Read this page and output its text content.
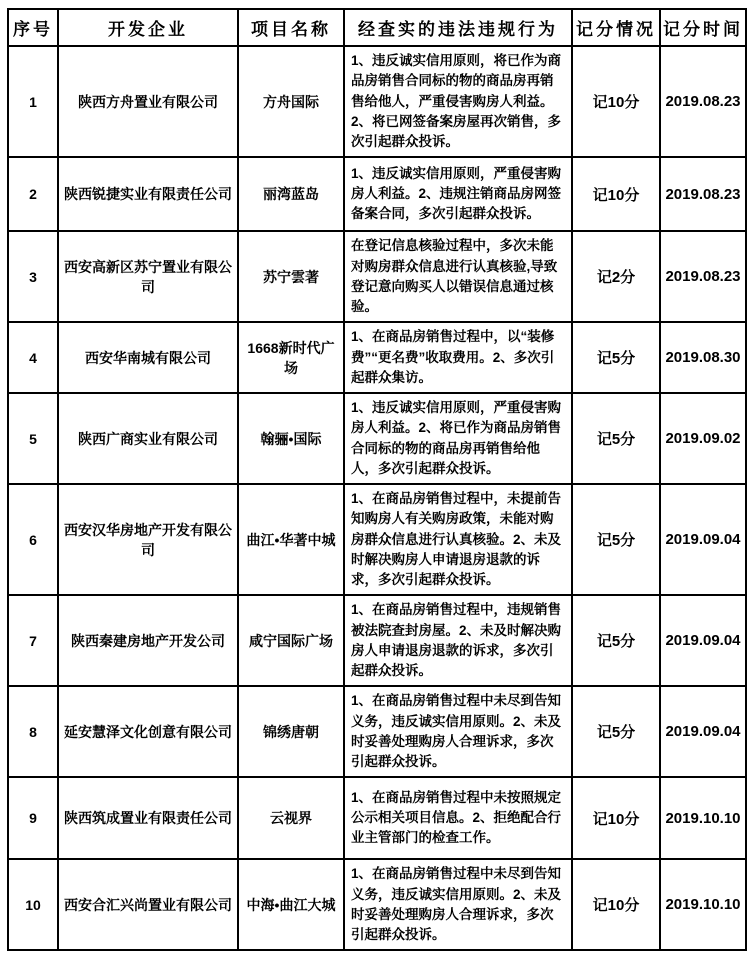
序号	开发企业	项目名称	经查实的违法违规行为	记分情况	记分时间
1	陕西方舟置业有限公司	方舟国际	1、违反诚实信用原则，将已作为商品房销售合同标的物的商品房再销售给他人，严重侵害购房人利益。2、将已网签备案房屋再次销售，多次引起群众投诉。	记10分	2019.08.23
2	陕西锐捷实业有限责任公司	丽湾蓝岛	1、违反诚实信用原则，严重侵害购房人利益。2、违规注销商品房网签备案合同，多次引起群众投诉。	记10分	2019.08.23
3	西安高新区苏宁置业有限公司	苏宁雲著	在登记信息核验过程中，多次未能对购房群众信息进行认真核验,导致登记意向购买人以错误信息通过核验。	记2分	2019.08.23
4	西安华南城有限公司	1668新时代广场	1、在商品房销售过程中，以“装修费”“更名费”收取费用。2、多次引起群众集访。	记5分	2019.08.30
5	陕西广商实业有限公司	翰骊•国际	1、违反诚实信用原则，严重侵害购房人利益。2、将已作为商品房销售合同标的物的商品房再销售给他人，多次引起群众投诉。	记5分	2019.09.02
6	西安汉华房地产开发有限公司	曲江•华著中城	1、在商品房销售过程中，未提前告知购房人有关购房政策，未能对购房群众信息进行认真核验。2、未及时解决购房人申请退房退款的诉求，多次引起群众投诉。	记5分	2019.09.04
7	陕西秦建房地产开发公司	咸宁国际广场	1、在商品房销售过程中，违规销售被法院查封房屋。2、未及时解决购房人申请退房退款的诉求，多次引起群众投诉。	记5分	2019.09.04
8	延安慧泽文化创意有限公司	锦绣唐朝	1、在商品房销售过程中未尽到告知义务，违反诚实信用原则。2、未及时妥善处理购房人合理诉求，多次引起群众投诉。	记5分	2019.09.04
9	陕西筑成置业有限责任公司	云视界	1、在商品房销售过程中未按照规定公示相关项目信息。2、拒绝配合行业主管部门的检查工作。	记10分	2019.10.10
10	西安合汇兴尚置业有限公司	中海•曲江大城	1、在商品房销售过程中未尽到告知义务，违反诚实信用原则。2、未及时妥善处理购房人合理诉求，多次引起群众投诉。	记10分	2019.10.10
